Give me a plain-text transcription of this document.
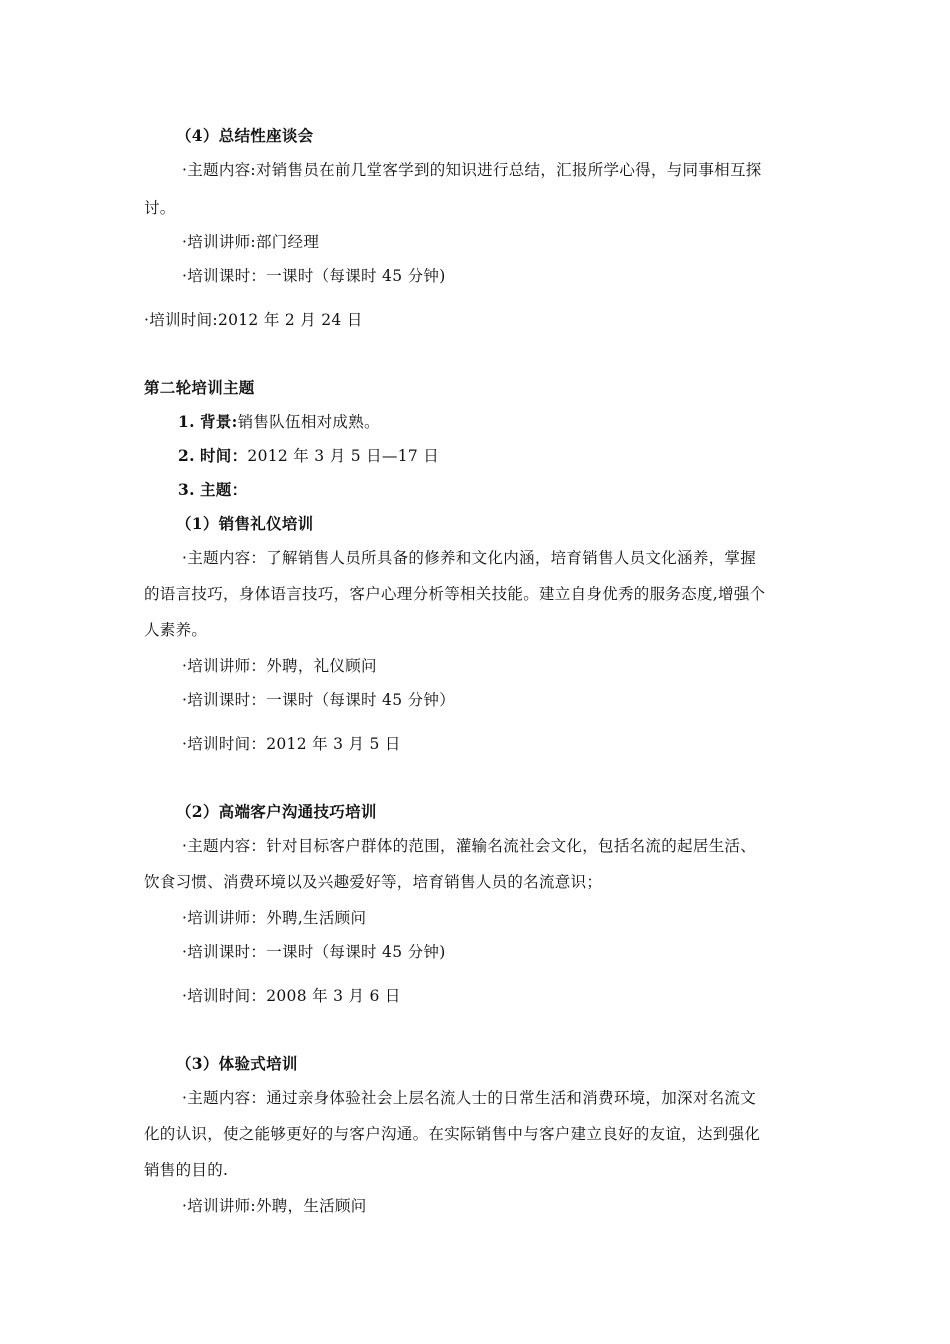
（4）总结性座谈会
·主题内容:对销售员在前几堂客学到的知识进行总结，汇报所学心得，与同事相互探
讨。
·培训讲师:部门经理
·培训课时：一课时（每课时 45 分钟)
·培训时间:2012 年 2 月 24 日
第二轮培训主题
1. 背景:销售队伍相对成熟。
2. 时间：2012 年 3 月 5 日—17 日
3. 主题：
（1）销售礼仪培训
·主题内容：了解销售人员所具备的修养和文化内涵，培育销售人员文化涵养，掌握
的语言技巧，身体语言技巧，客户心理分析等相关技能。建立自身优秀的服务态度,增强个
人素养。
·培训讲师：外聘，礼仪顾问
·培训课时：一课时（每课时 45 分钟）
·培训时间：2012 年 3 月 5 日
（2）高端客户沟通技巧培训
·主题内容：针对目标客户群体的范围，灌输名流社会文化，包括名流的起居生活、
饮食习惯、消费环境以及兴趣爱好等，培育销售人员的名流意识；
·培训讲师：外聘,生活顾问
·培训课时：一课时（每课时 45 分钟)
·培训时间：2008 年 3 月 6 日
（3）体验式培训
·主题内容：通过亲身体验社会上层名流人士的日常生活和消费环境，加深对名流文
化的认识，使之能够更好的与客户沟通。在实际销售中与客户建立良好的友谊，达到强化
销售的目的.
·培训讲师:外聘，生活顾问
